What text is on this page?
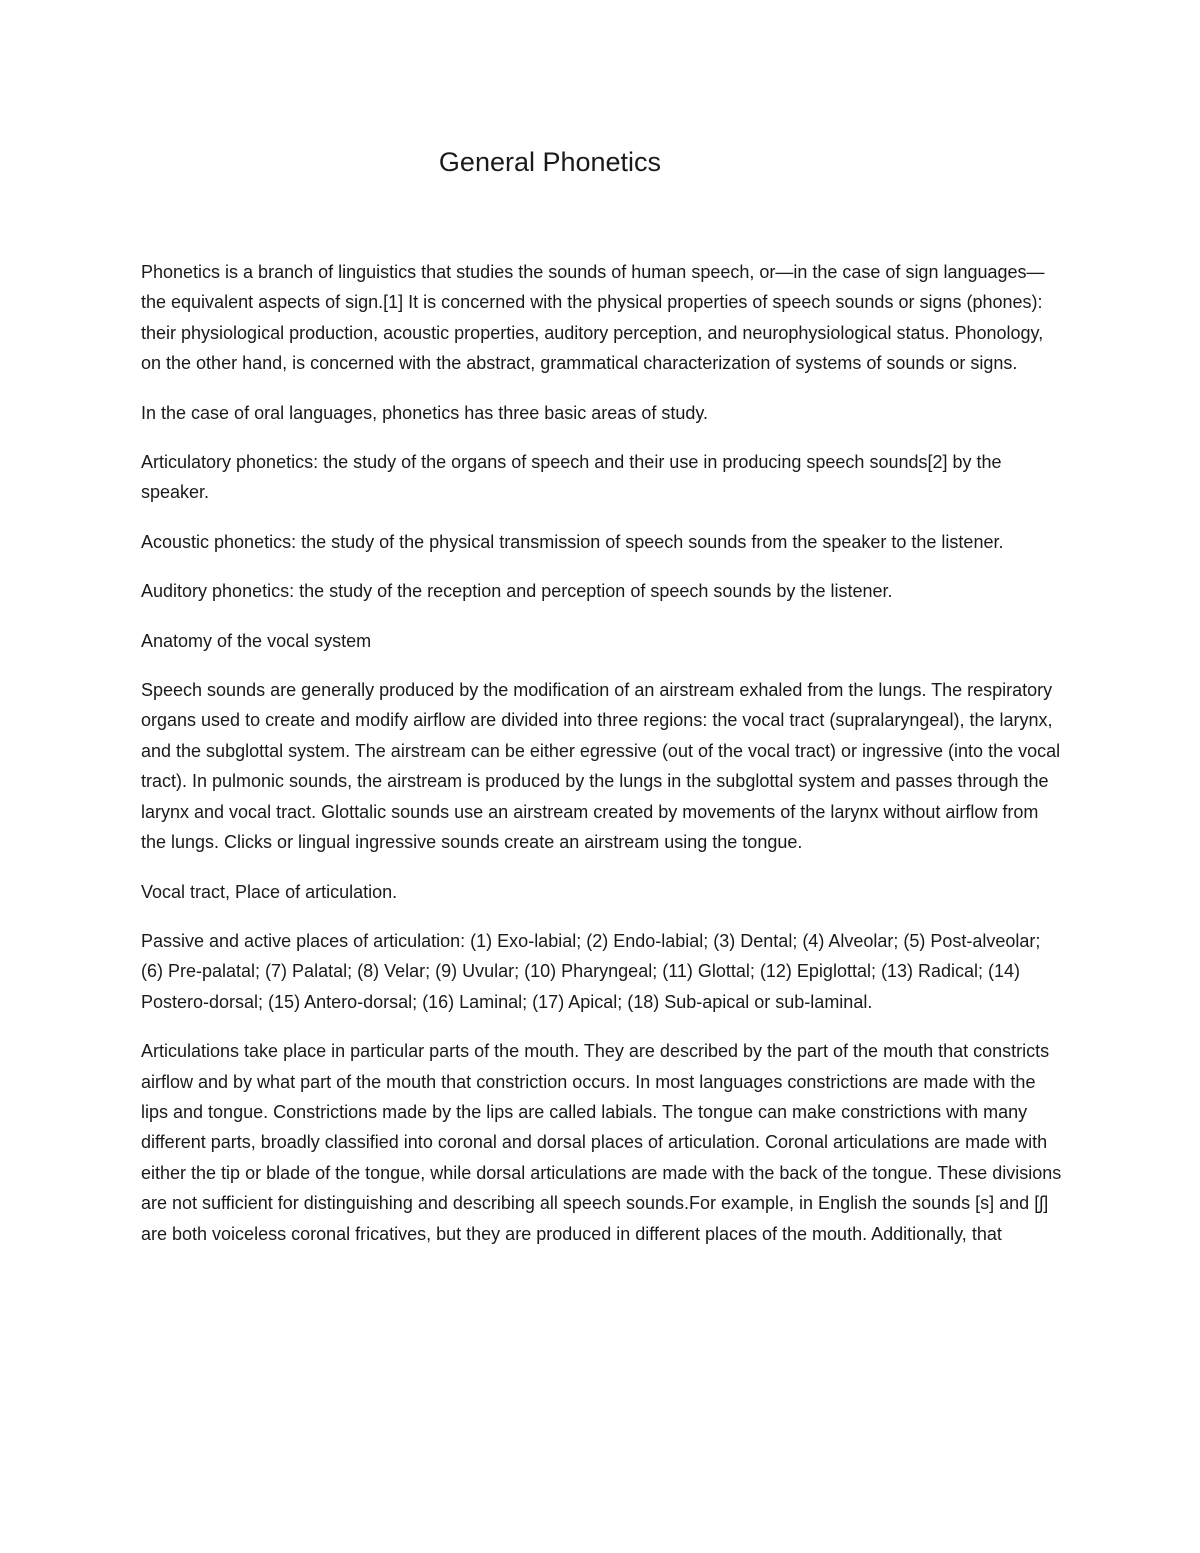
General Phonetics

Phonetics is a branch of linguistics that studies the sounds of human speech, or—in the case of sign languages—the equivalent aspects of sign.[1] It is concerned with the physical properties of speech sounds or signs (phones): their physiological production, acoustic properties, auditory perception, and neurophysiological status. Phonology, on the other hand, is concerned with the abstract, grammatical characterization of systems of sounds or signs.

In the case of oral languages, phonetics has three basic areas of study.

Articulatory phonetics: the study of the organs of speech and their use in producing speech sounds[2] by the speaker.

Acoustic phonetics: the study of the physical transmission of speech sounds from the speaker to the listener.

Auditory phonetics: the study of the reception and perception of speech sounds by the listener.

Anatomy of the vocal system

Speech sounds are generally produced by the modification of an airstream exhaled from the lungs. The respiratory organs used to create and modify airflow are divided into three regions: the vocal tract (supralaryngeal), the larynx, and the subglottal system. The airstream can be either egressive (out of the vocal tract) or ingressive (into the vocal tract). In pulmonic sounds, the airstream is produced by the lungs in the subglottal system and passes through the larynx and vocal tract. Glottalic sounds use an airstream created by movements of the larynx without airflow from the lungs. Clicks or lingual ingressive sounds create an airstream using the tongue.

Vocal tract, Place of articulation.

Passive and active places of articulation: (1) Exo-labial; (2) Endo-labial; (3) Dental; (4) Alveolar; (5) Post-alveolar; (6) Pre-palatal; (7) Palatal; (8) Velar; (9) Uvular; (10) Pharyngeal; (11) Glottal; (12) Epiglottal; (13) Radical; (14) Postero-dorsal; (15) Antero-dorsal; (16) Laminal; (17) Apical; (18) Sub-apical or sub-laminal.

Articulations take place in particular parts of the mouth. They are described by the part of the mouth that constricts airflow and by what part of the mouth that constriction occurs. In most languages constrictions are made with the lips and tongue. Constrictions made by the lips are called labials. The tongue can make constrictions with many different parts, broadly classified into coronal and dorsal places of articulation. Coronal articulations are made with either the tip or blade of the tongue, while dorsal articulations are made with the back of the tongue. These divisions are not sufficient for distinguishing and describing all speech sounds.For example, in English the sounds [s] and [ʃ] are both voiceless coronal fricatives, but they are produced in different places of the mouth. Additionally, that
